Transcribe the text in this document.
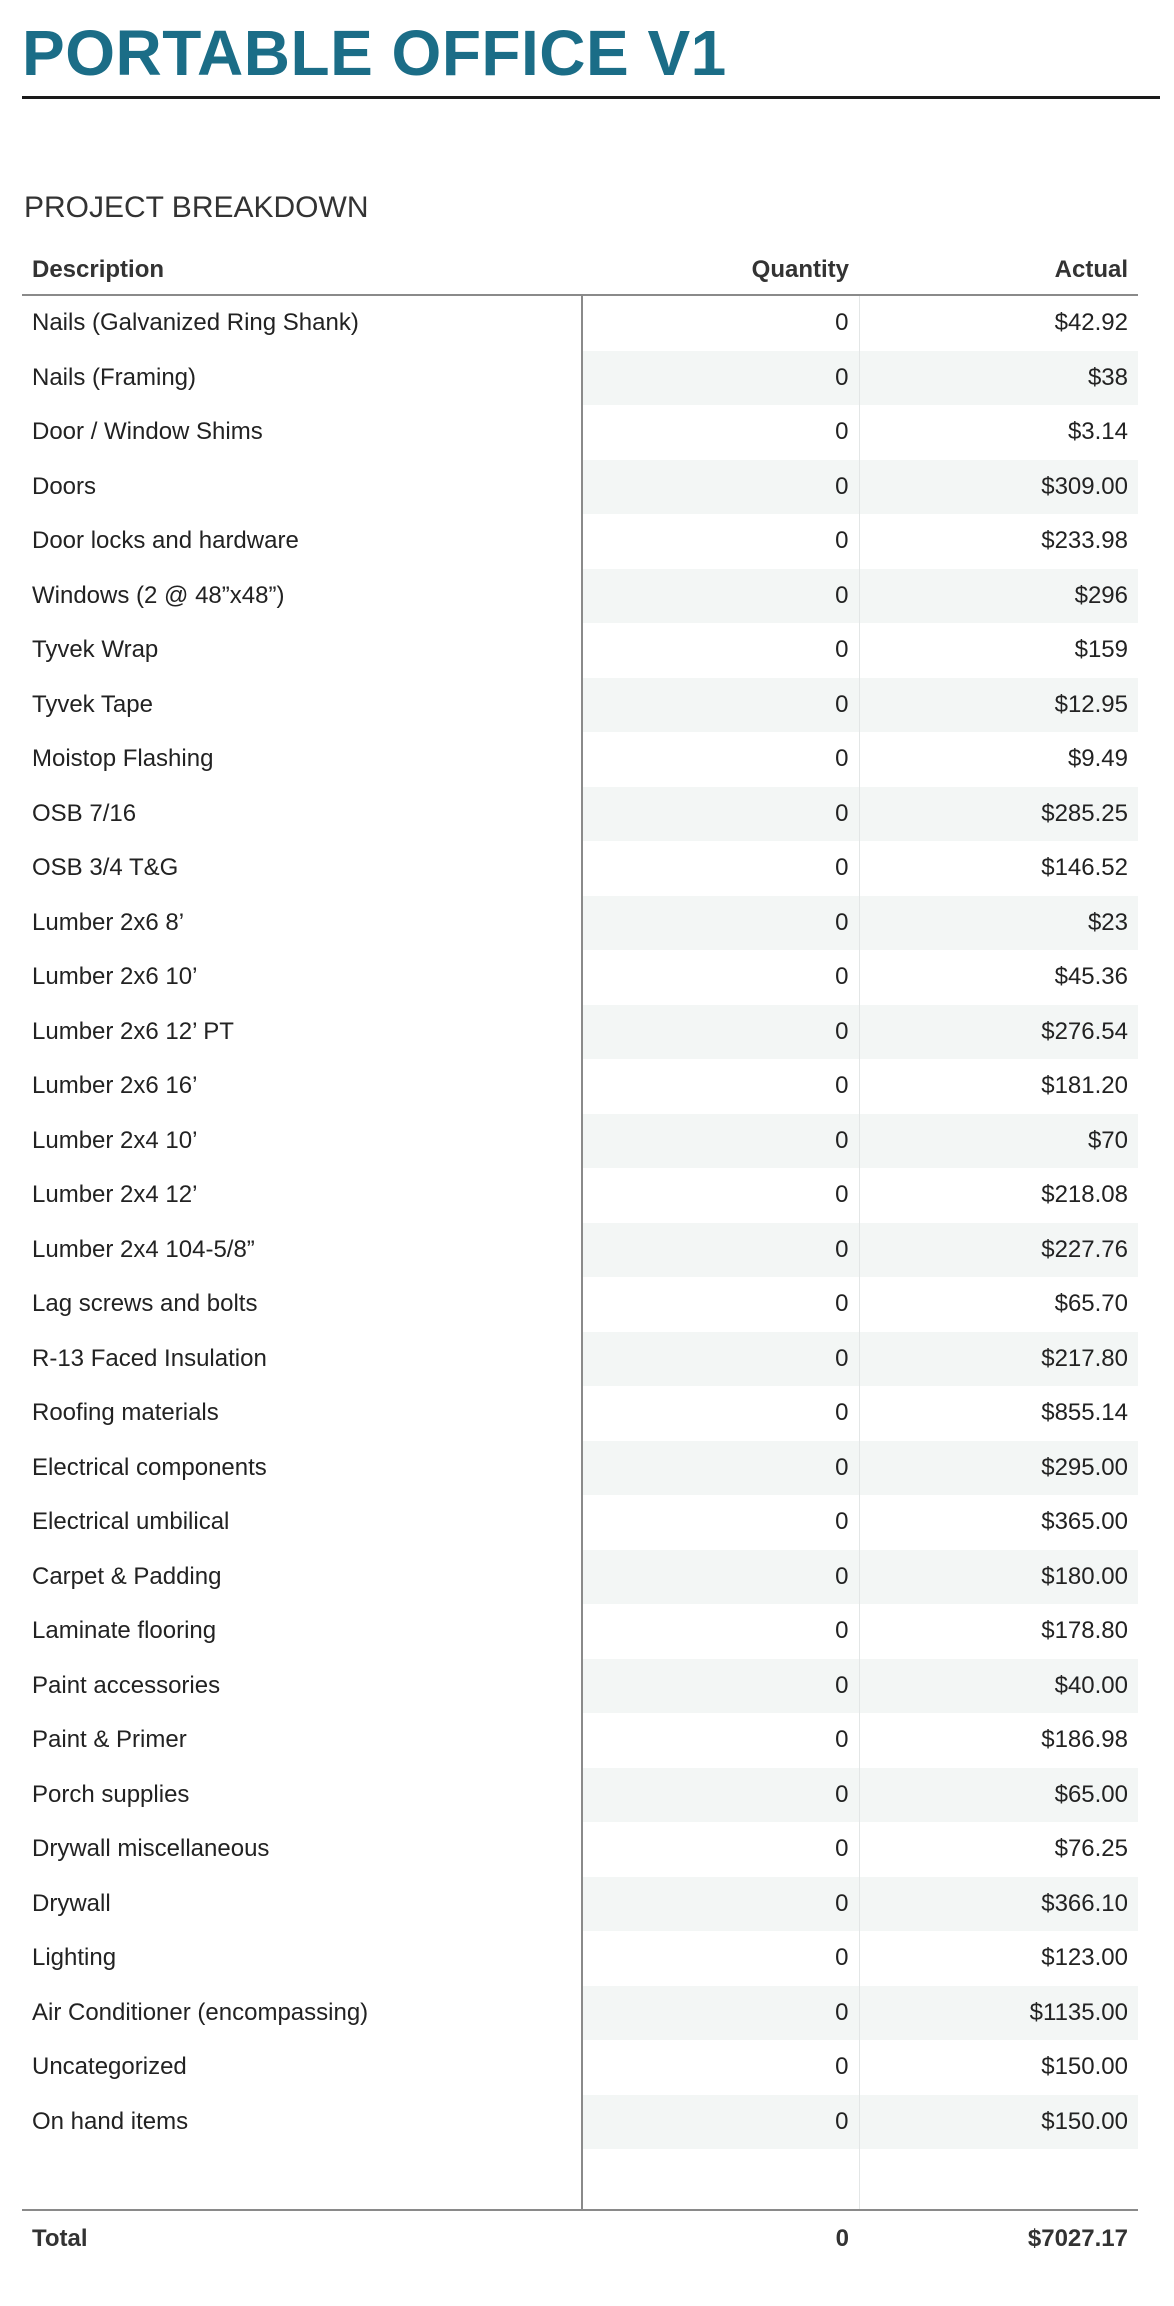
PORTABLE OFFICE V1
PROJECT BREAKDOWN
Description	Quantity	Actual
Nails (Galvanized Ring Shank)	0	$42.92
Nails (Framing)	0	$38
Door / Window Shims	0	$3.14
Doors	0	$309.00
Door locks and hardware	0	$233.98
Windows (2 @ 48”x48”)	0	$296
Tyvek Wrap	0	$159
Tyvek Tape	0	$12.95
Moistop Flashing	0	$9.49
OSB 7/16	0	$285.25
OSB 3/4 T&G	0	$146.52
Lumber 2x6 8’	0	$23
Lumber 2x6 10’	0	$45.36
Lumber 2x6 12’ PT	0	$276.54
Lumber 2x6 16’	0	$181.20
Lumber 2x4 10’	0	$70
Lumber 2x4 12’	0	$218.08
Lumber 2x4 104-5/8”	0	$227.76
Lag screws and bolts	0	$65.70
R-13 Faced Insulation	0	$217.80
Roofing materials	0	$855.14
Electrical components	0	$295.00
Electrical umbilical	0	$365.00
Carpet & Padding	0	$180.00
Laminate flooring	0	$178.80
Paint accessories	0	$40.00
Paint & Primer	0	$186.98
Porch supplies	0	$65.00
Drywall miscellaneous	0	$76.25
Drywall	0	$366.10
Lighting	0	$123.00
Air Conditioner (encompassing)	0	$1135.00
Uncategorized	0	$150.00
On hand items	0	$150.00

Total	0	$7027.17
